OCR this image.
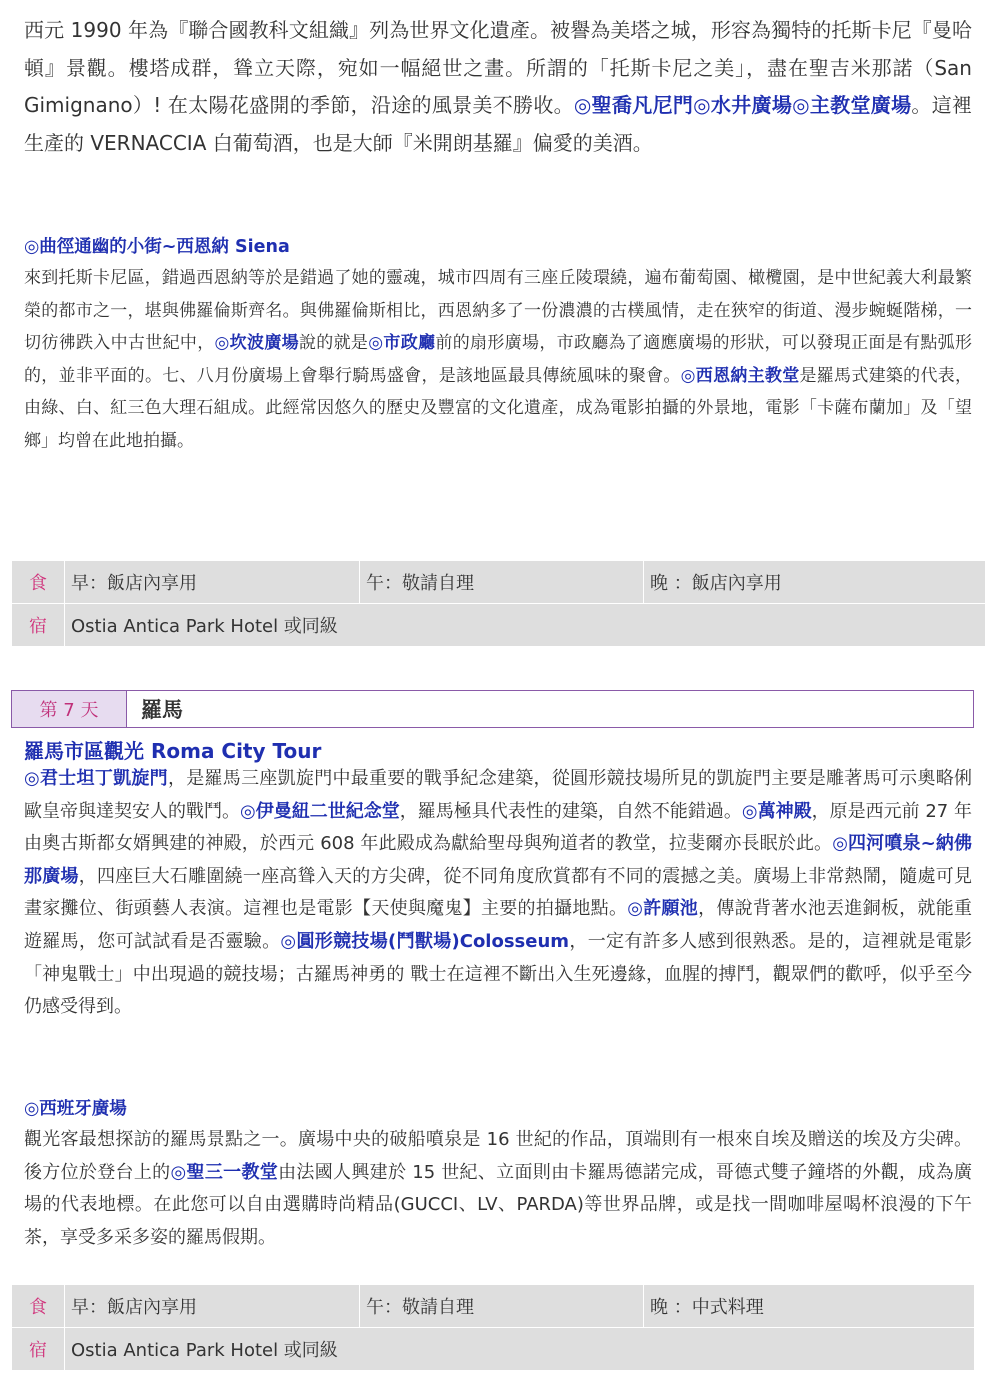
西元 1990 年為『聯合國教科文組織』列為世界文化遺產。被譽為美塔之城，形容為獨特的托斯卡尼『曼哈頓』景觀。樓塔成群，聳立天際，宛如一幅絕世之畫。所謂的「托斯卡尼之美」，盡在聖吉米那諾（San Gimignano）! 在太陽花盛開的季節，沿途的風景美不勝收。◎聖喬凡尼門◎水井廣場◎主教堂廣場。這裡生產的 VERNACCIA 白葡萄酒，也是大師『米開朗基羅』偏愛的美酒。

◎曲徑通幽的小街~西恩納 Siena

來到托斯卡尼區，錯過西恩納等於是錯過了她的靈魂，城市四周有三座丘陵環繞，遍布葡萄園、橄欖園，是中世紀義大利最繁榮的都市之一，堪與佛羅倫斯齊名。與佛羅倫斯相比，西恩納多了一份濃濃的古樸風情，走在狹窄的街道、漫步蜿蜒階梯，一切彷彿跌入中古世紀中，◎坎波廣場說的就是◎市政廳前的扇形廣場，市政廳為了適應廣場的形狀，可以發現正面是有點弧形的，並非平面的。七、八月份廣場上會舉行騎馬盛會，是該地區最具傳統風味的聚會。◎西恩納主教堂是羅馬式建築的代表，由綠、白、紅三色大理石組成。此經常因悠久的歷史及豐富的文化遺產，成為電影拍攝的外景地，電影「卡薩布蘭加」及「望鄉」均曾在此地拍攝。

食	早：飯店內享用	午：敬請自理	晚 ：飯店內享用
宿	Ostia Antica Park Hotel 或同級		
第 7 天	羅馬

羅馬市區觀光 Roma City Tour

◎君士坦丁凱旋門，是羅馬三座凱旋門中最重要的戰爭紀念建築，從圓形競技場所見的凱旋門主要是雕著馬可示奧略俐歐皇帝與達契安人的戰鬥。◎伊曼紐二世紀念堂，羅馬極具代表性的建築，自然不能錯過。◎萬神殿，原是西元前 27 年由奧古斯都女婿興建的神殿，於西元 608 年此殿成為獻給聖母與殉道者的教堂，拉斐爾亦長眠於此。◎四河噴泉~納佛那廣場，四座巨大石雕圍繞一座高聳入天的方尖碑，從不同角度欣賞都有不同的震撼之美。廣場上非常熱鬧，隨處可見畫家攤位、街頭藝人表演。這裡也是電影【天使與魔鬼】主要的拍攝地點。◎許願池，傳說背著水池丟進銅板，就能重遊羅馬，您可試試看是否靈驗。◎圓形競技場(鬥獸場)Colosseum，一定有許多人感到很熟悉。是的，這裡就是電影「神鬼戰士」中出現過的競技場；古羅馬神勇的 戰士在這裡不斷出入生死邊緣，血腥的搏鬥，觀眾們的歡呼，似乎至今仍感受得到。

◎西班牙廣場

觀光客最想探訪的羅馬景點之一。廣場中央的破船噴泉是 16 世紀的作品，頂端則有一根來自埃及贈送的埃及方尖碑。後方位於登台上的◎聖三一教堂由法國人興建於 15 世紀、立面則由卡羅馬德諾完成，哥德式雙子鐘塔的外觀，成為廣場的代表地標。在此您可以自由選購時尚精品(GUCCI、LV、PARDA)等世界品牌，或是找一間咖啡屋喝杯浪漫的下午茶，享受多采多姿的羅馬假期。

食	早：飯店內享用	午：敬請自理	晚 ：中式料理
宿	Ostia Antica Park Hotel 或同級		
